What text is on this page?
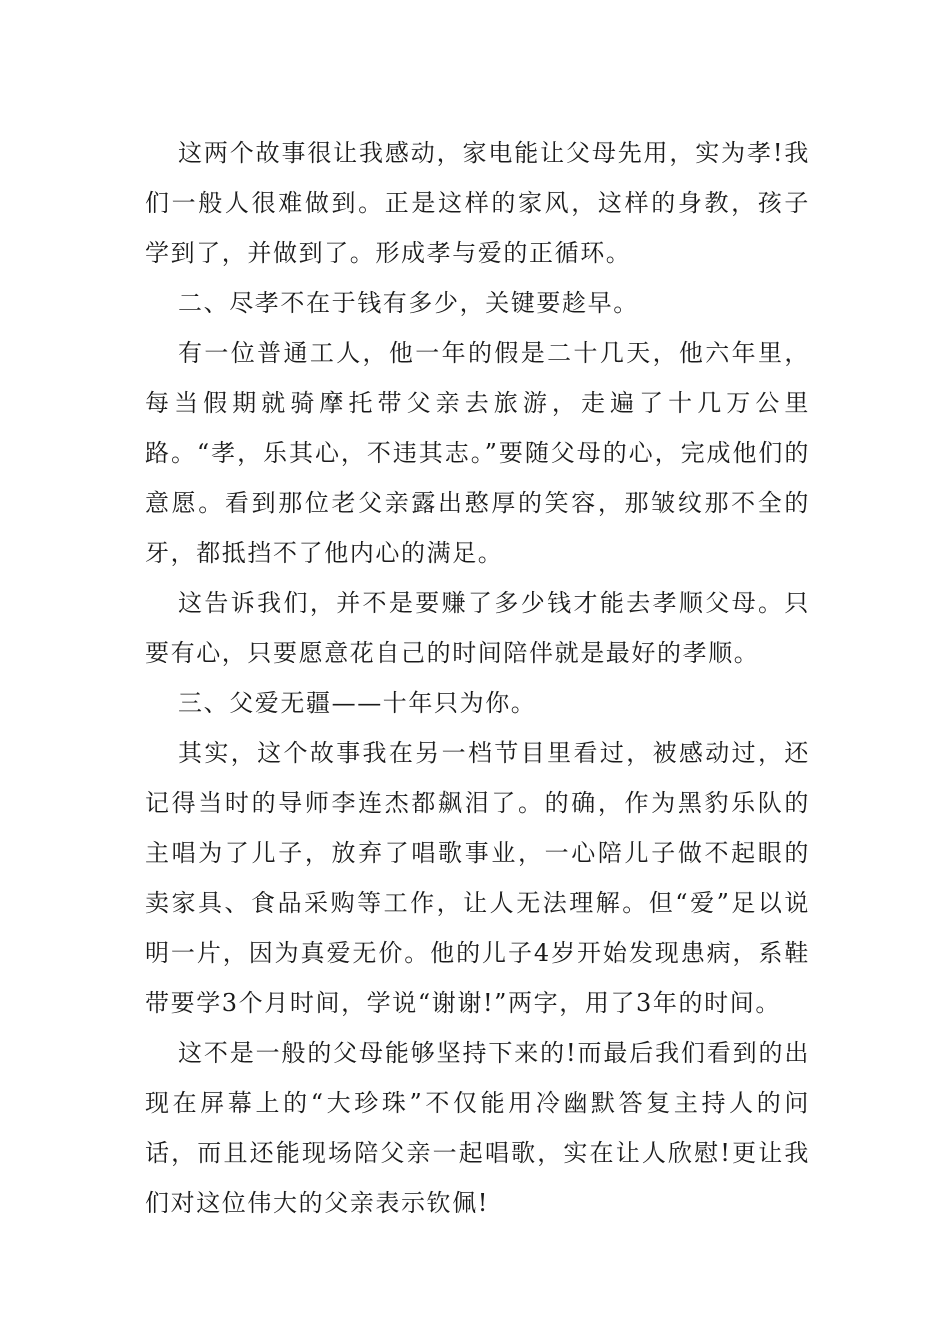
这两个故事很让我感动，家电能让父母先用，实为孝!我们一般人很难做到。正是这样的家风，这样的身教，孩子学到了，并做到了。形成孝与爱的正循环。

二、尽孝不在于钱有多少，关键要趁早。

有一位普通工人，他一年的假是二十几天，他六年里，每当假期就骑摩托带父亲去旅游，走遍了十几万公里路。“孝，乐其心，不违其志。”要随父母的心，完成他们的意愿。看到那位老父亲露出憨厚的笑容，那皱纹那不全的牙，都抵挡不了他内心的满足。

这告诉我们，并不是要赚了多少钱才能去孝顺父母。只要有心，只要愿意花自己的时间陪伴就是最好的孝顺。

三、父爱无疆——十年只为你。

其实，这个故事我在另一档节目里看过，被感动过，还记得当时的导师李连杰都飙泪了。的确，作为黑豹乐队的主唱为了儿子，放弃了唱歌事业，一心陪儿子做不起眼的卖家具、食品采购等工作，让人无法理解。但“爱”足以说明一片，因为真爱无价。他的儿子4岁开始发现患病，系鞋带要学3个月时间，学说“谢谢!”两字，用了3年的时间。

这不是一般的父母能够坚持下来的!而最后我们看到的出现在屏幕上的“大珍珠”不仅能用冷幽默答复主持人的问话，而且还能现场陪父亲一起唱歌，实在让人欣慰!更让我们对这位伟大的父亲表示钦佩!
